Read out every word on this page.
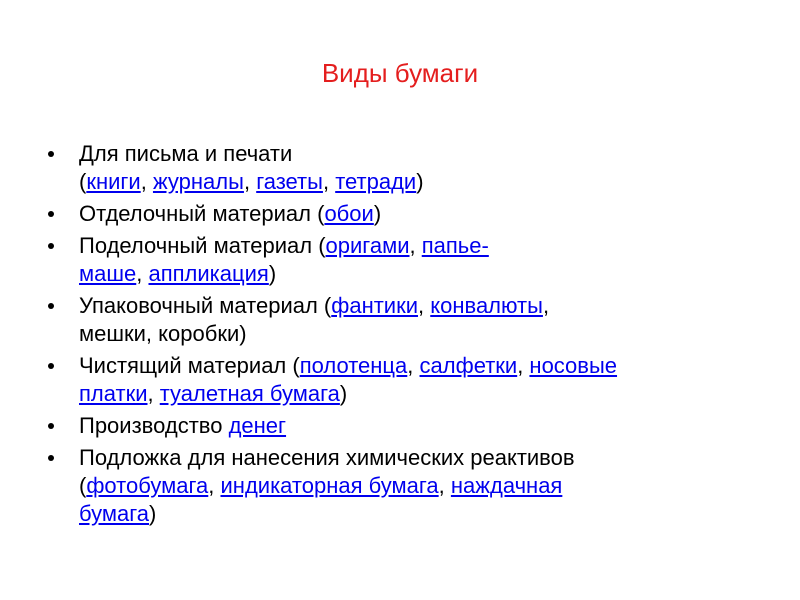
Виды бумаги
Для письма и печати
(книги, журналы, газеты, тетради)
Отделочный материал (обои)
Поделочный материал (оригами, папье-
маше, аппликация)
Упаковочный материал (фантики, конвалюты,
мешки, коробки)
Чистящий материал (полотенца, салфетки, носовые
платки, туалетная бумага)
Производство денег
Подложка для нанесения химических реактивов
(фотобумага, индикаторная бумага, наждачная
бумага)
